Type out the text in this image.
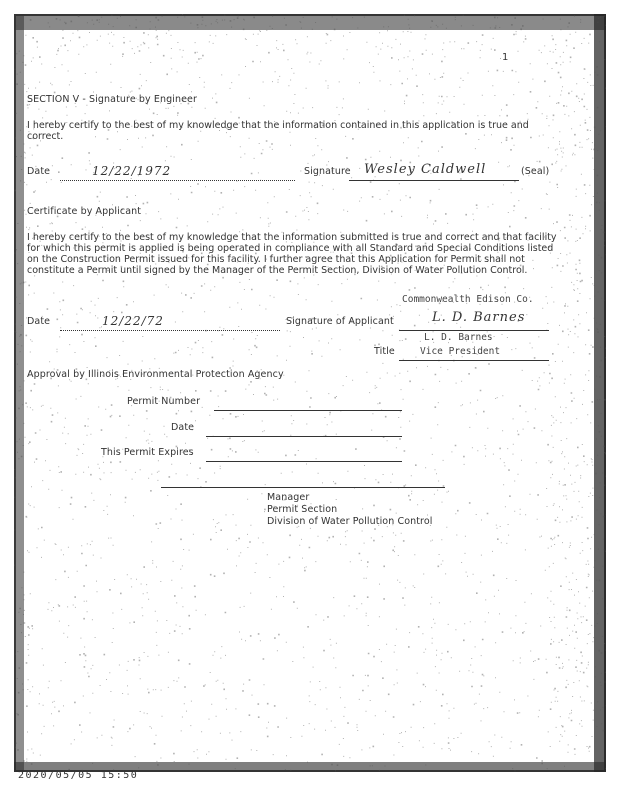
1
SECTION V - Signature by Engineer
I hereby certify to the best of my knowledge that the information contained in this application is true and correct.
Date	12/22/1972	Signature Wesley Caldwell	(Seal)
Certificate by Applicant
I hereby certify to the best of my knowledge that the information submitted is true and correct and that facility for which this permit is applied is being operated in compliance with all Standard and Special Conditions listed on the Construction Permit issued for this facility. I further agree that this Application for Permit shall not constitute a Permit until signed by the Manager of the Permit Section, Division of Water Pollution Control.
Commonwealth Edison Co.
Date	12/22/72	Signature of Applicant	L. D. Barnes
L. D. Barnes
Title	Vice President
Approval by Illinois Environmental Protection Agency
Permit Number
Date
This Permit Expires
Manager
Permit Section
Division of Water Pollution Control
2020/05/05 15:50
